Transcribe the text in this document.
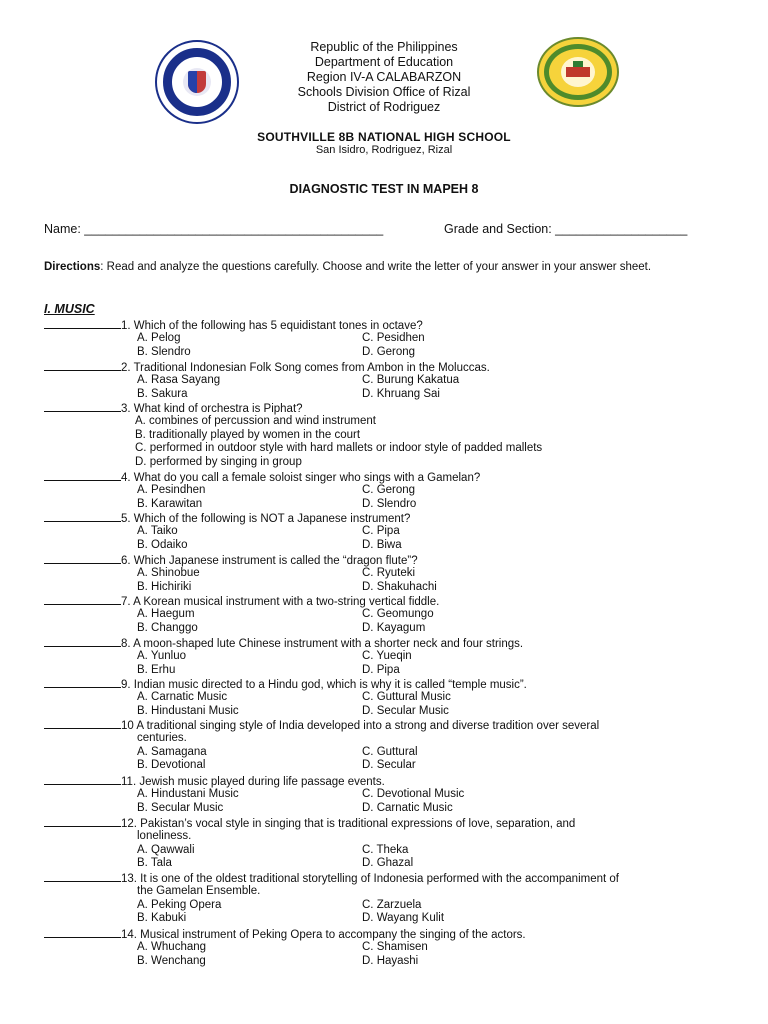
Republic of the Philippines
Department of Education
Region IV-A CALABARZON
Schools Division Office of Rizal
District of Rodriguez
SOUTHVILLE 8B NATIONAL HIGH SCHOOL
San Isidro, Rodriguez, Rizal
DIAGNOSTIC TEST IN MAPEH 8
Name: ___________________________________________	Grade and Section: ___________________
Directions: Read and analyze the questions carefully. Choose and write the letter of your answer in your answer sheet.
I. MUSIC
1. Which of the following has 5 equidistant tones in octave?
A. Pelog	C. Pesidhen
B. Slendro	D. Gerong
2. Traditional Indonesian Folk Song comes from Ambon in the Moluccas.
A. Rasa Sayang	C. Burung Kakatua
B. Sakura	D. Khruang Sai
3. What kind of orchestra is Piphat?
A. combines of percussion and wind instrument
B. traditionally played by women in the court
C. performed in outdoor style with hard mallets or indoor style of padded mallets
D. performed by singing in group
4. What do you call a female soloist singer who sings with a Gamelan?
A. Pesindhen	C. Gerong
B. Karawitan	D. Slendro
5. Which of the following is NOT a Japanese instrument?
A. Taiko	C. Pipa
B. Odaiko	D. Biwa
6. Which Japanese instrument is called the “dragon flute”?
A. Shinobue	C. Ryuteki
B. Hichiriki	D. Shakuhachi
7. A Korean musical instrument with a two-string vertical fiddle.
A. Haegum	C. Geomungo
B. Changgo	D. Kayagum
8. A moon-shaped lute Chinese instrument with a shorter neck and four strings.
A. Yunluo	C. Yueqin
B. Erhu	D. Pipa
9. Indian music directed to a Hindu god, which is why it is called “temple music”.
A. Carnatic Music	C. Guttural Music
B. Hindustani Music	D. Secular Music
10 A traditional singing style of India developed into a strong and diverse tradition over several
centuries.
A. Samagana	C. Guttural
B. Devotional	D. Secular
11. Jewish music played during life passage events.
A. Hindustani Music	C. Devotional Music
B. Secular Music	D. Carnatic Music
12. Pakistan’s vocal style in singing that is traditional expressions of love, separation, and
loneliness.
A. Qawwali	C. Theka
B. Tala	D. Ghazal
13. It is one of the oldest traditional storytelling of Indonesia performed with the accompaniment of
the Gamelan Ensemble.
A. Peking Opera	C. Zarzuela
B. Kabuki	D. Wayang Kulit
14. Musical instrument of Peking Opera to accompany the singing of the actors.
A. Whuchang	C. Shamisen
B. Wenchang	D. Hayashi
